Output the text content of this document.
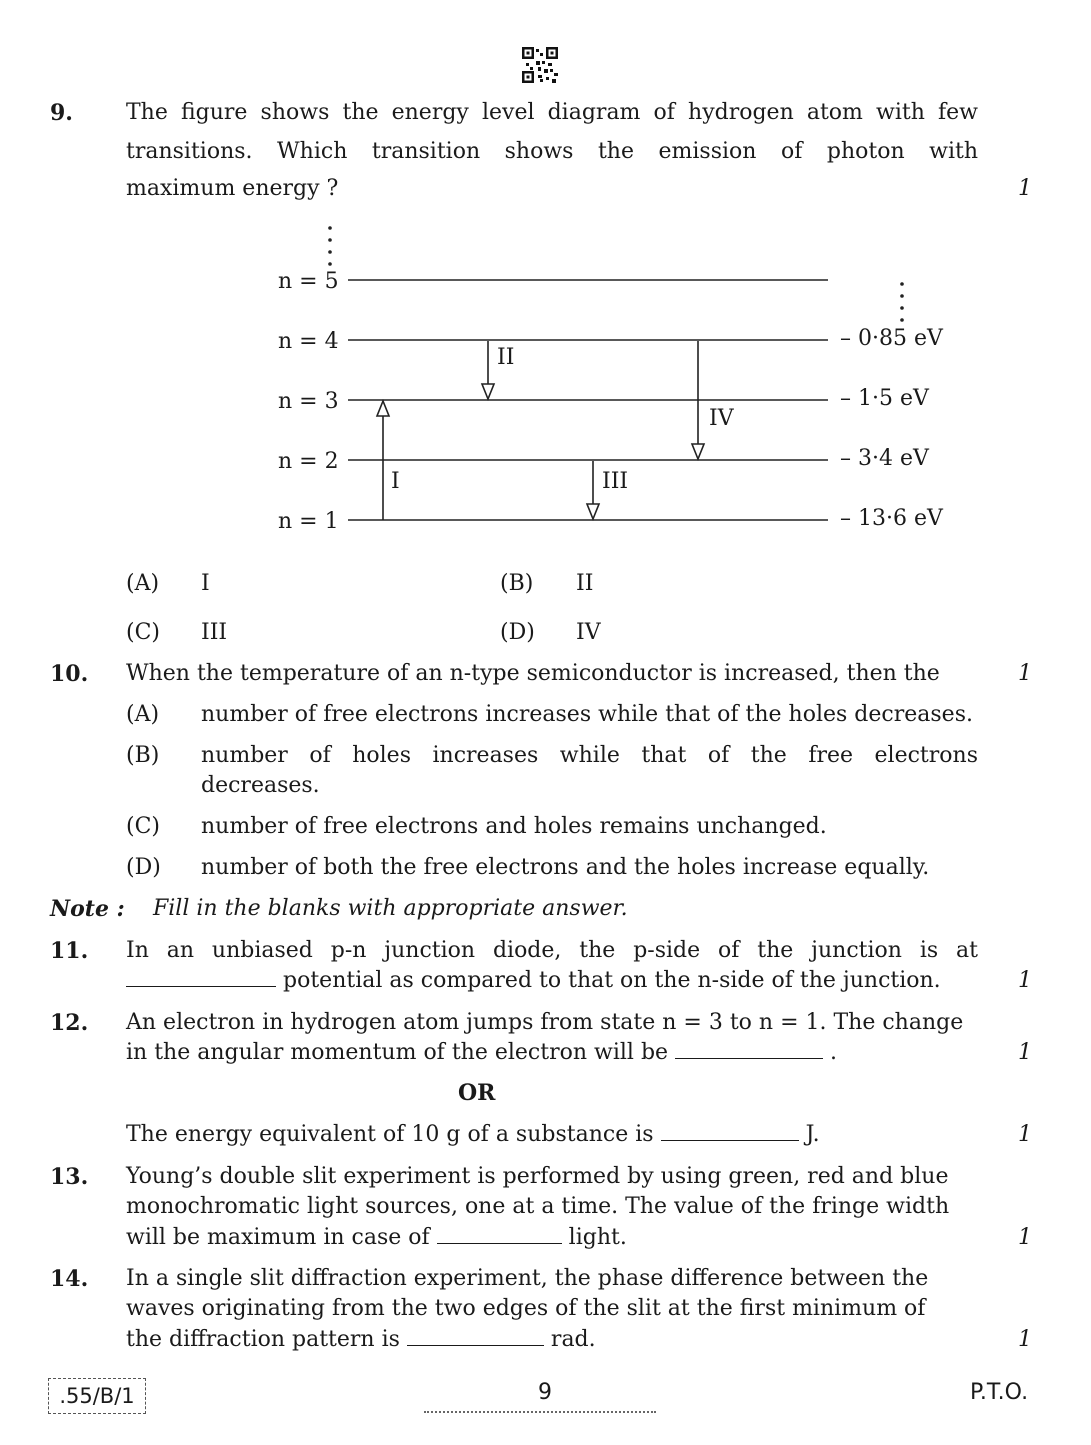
9. The figure shows the energy level diagram of hydrogen atom with few
transitions. Which transition shows the emission of photon with
maximum energy ?	1
n = 5
n = 4
n = 3
n = 2
n = 1
– 0·85 eV
– 1·5 eV
– 3·4 eV
– 13·6 eV
I
II
III
IV
(A) I	(B) II
(C) III	(D) IV
10. When the temperature of an n-type semiconductor is increased, then the	1
(A) number of free electrons increases while that of the holes decreases.
(B) number of holes increases while that of the free electrons
decreases.
(C) number of free electrons and holes remains unchanged.
(D) number of both the free electrons and the holes increase equally.
Note : Fill in the blanks with appropriate answer.
11. In an unbiased p-n junction diode, the p-side of the junction is at
potential as compared to that on the n-side of the junction.	1
12. An electron in hydrogen atom jumps from state n = 3 to n = 1. The change
in the angular momentum of the electron will be	.	1
OR
The energy equivalent of 10 g of a substance is	J.	1
13. Young’s double slit experiment is performed by using green, red and blue
monochromatic light sources, one at a time. The value of the fringe width
will be maximum in case of	light.	1
14. In a single slit diffraction experiment, the phase difference between the
waves originating from the two edges of the slit at the first minimum of
the diffraction pattern is	rad.	1
.55/B/1	9	P.T.O.
